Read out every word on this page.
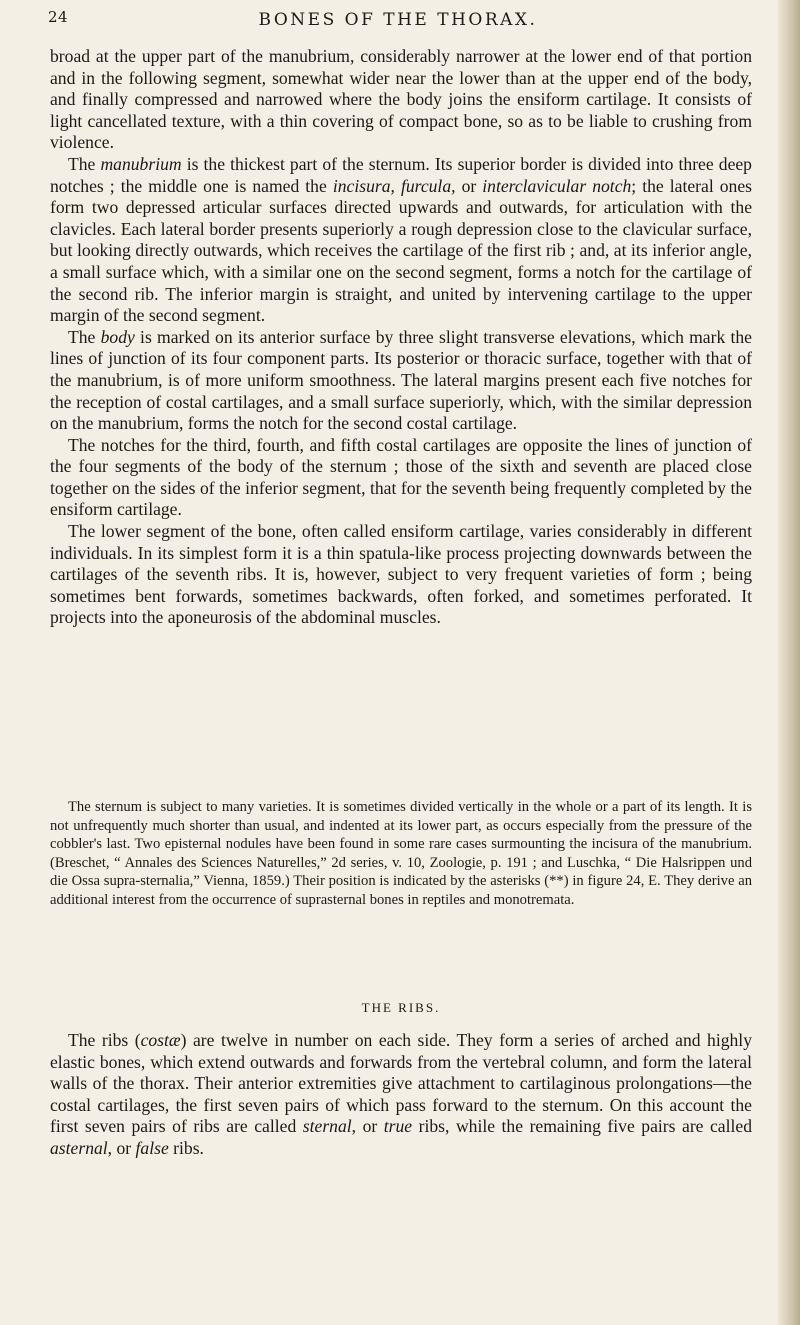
24	BONES OF THE THORAX.

broad at the upper part of the manubrium, considerably narrower at the lower end of that portion and in the following segment, somewhat wider near the lower than at the upper end of the body, and finally compressed and narrowed where the body joins the ensiform cartilage. It consists of light cancellated texture, with a thin covering of compact bone, so as to be liable to crushing from violence.

The manubrium is the thickest part of the sternum. Its superior border is divided into three deep notches ; the middle one is named the incisura, furcula, or interclavicular notch; the lateral ones form two depressed articular surfaces directed upwards and outwards, for articulation with the clavicles. Each lateral border presents superiorly a rough depression close to the clavicular surface, but looking directly outwards, which receives the cartilage of the first rib ; and, at its inferior angle, a small surface which, with a similar one on the second segment, forms a notch for the cartilage of the second rib. The inferior margin is straight, and united by intervening cartilage to the upper margin of the second segment.

The body is marked on its anterior surface by three slight transverse elevations, which mark the lines of junction of its four component parts. Its posterior or thoracic surface, together with that of the manubrium, is of more uniform smoothness. The lateral margins present each five notches for the reception of costal cartilages, and a small surface superiorly, which, with the similar depression on the manubrium, forms the notch for the second costal cartilage.

The notches for the third, fourth, and fifth costal cartilages are opposite the lines of junction of the four segments of the body of the sternum ; those of the sixth and seventh are placed close together on the sides of the inferior segment, that for the seventh being frequently completed by the ensiform cartilage.

The lower segment of the bone, often called ensiform cartilage, varies considerably in different individuals. In its simplest form it is a thin spatula-like process projecting downwards between the cartilages of the seventh ribs. It is, however, subject to very frequent varieties of form ; being sometimes bent forwards, sometimes backwards, often forked, and sometimes perforated. It projects into the aponeurosis of the abdominal muscles.

The sternum is subject to many varieties. It is sometimes divided vertically in the whole or a part of its length. It is not unfrequently much shorter than usual, and indented at its lower part, as occurs especially from the pressure of the cobbler's last. Two episternal nodules have been found in some rare cases surmounting the incisura of the manubrium. (Breschet, “ Annales des Sciences Naturelles,” 2d series, v. 10, Zoologie, p. 191 ; and Luschka, “ Die Halsrippen und die Ossa supra-sternalia,” Vienna, 1859.) Their position is indicated by the asterisks (**) in figure 24, E. They derive an additional interest from the occurrence of suprasternal bones in reptiles and monotremata.

THE RIBS.

The ribs (costæ) are twelve in number on each side. They form a series of arched and highly elastic bones, which extend outwards and forwards from the vertebral column, and form the lateral walls of the thorax. Their anterior extremities give attachment to cartilaginous prolongations—the costal cartilages, the first seven pairs of which pass forward to the sternum. On this account the first seven pairs of ribs are called sternal, or true ribs, while the remaining five pairs are called asternal, or false ribs.
